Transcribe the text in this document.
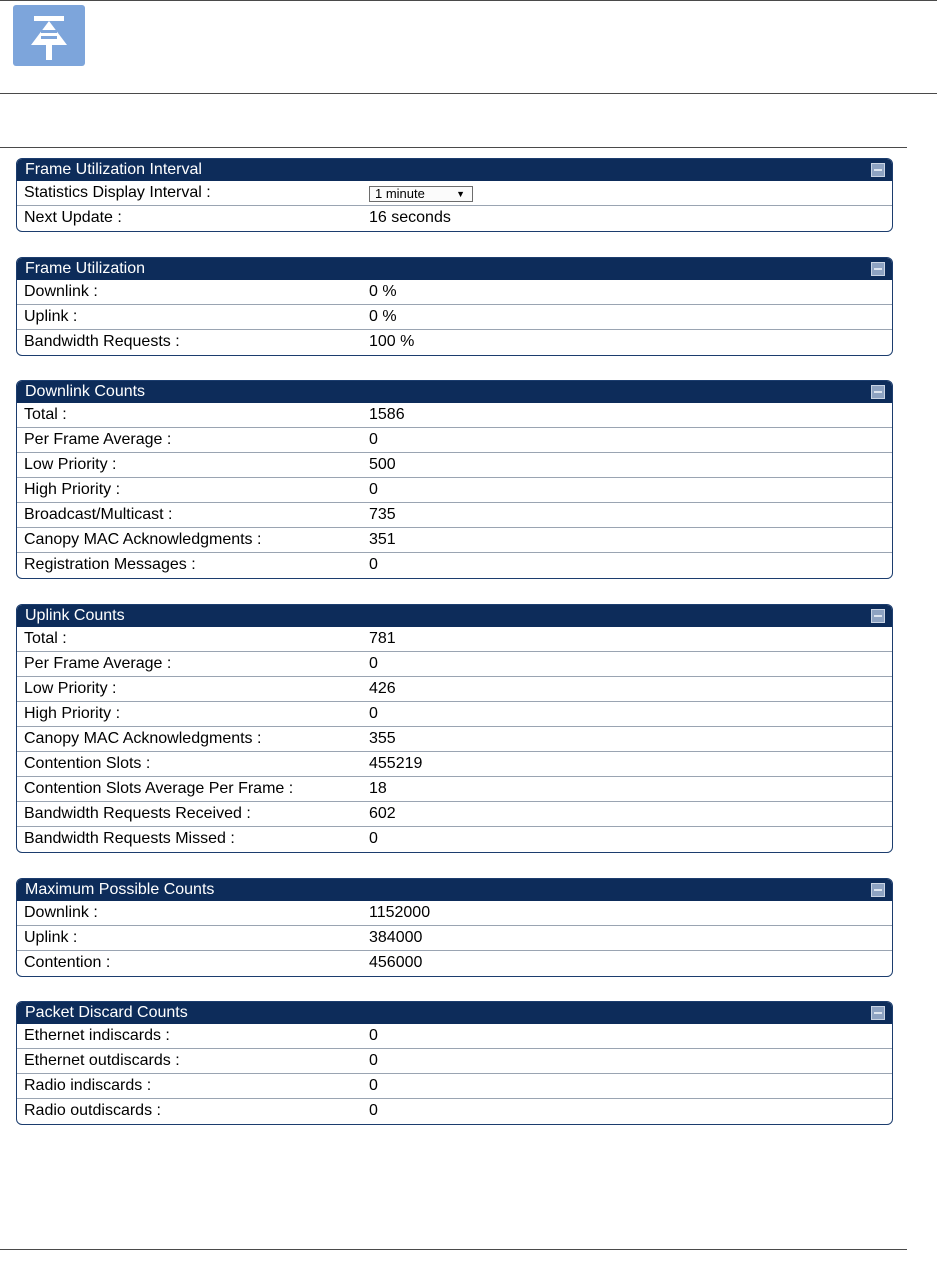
Frame Utilization Interval
Statistics Display Interval :	1 minute	▼
Next Update :	16 seconds
Frame Utilization
Downlink :	0 %
Uplink :	0 %
Bandwidth Requests :	100 %
Downlink Counts
Total :	1586
Per Frame Average :	0
Low Priority :	500
High Priority :	0
Broadcast/Multicast :	735
Canopy MAC Acknowledgments :	351
Registration Messages :	0
Uplink Counts
Total :	781
Per Frame Average :	0
Low Priority :	426
High Priority :	0
Canopy MAC Acknowledgments :	355
Contention Slots :	455219
Contention Slots Average Per Frame :	18
Bandwidth Requests Received :	602
Bandwidth Requests Missed :	0
Maximum Possible Counts
Downlink :	1152000
Uplink :	384000
Contention :	456000
Packet Discard Counts
Ethernet indiscards :	0
Ethernet outdiscards :	0
Radio indiscards :	0
Radio outdiscards :	0
